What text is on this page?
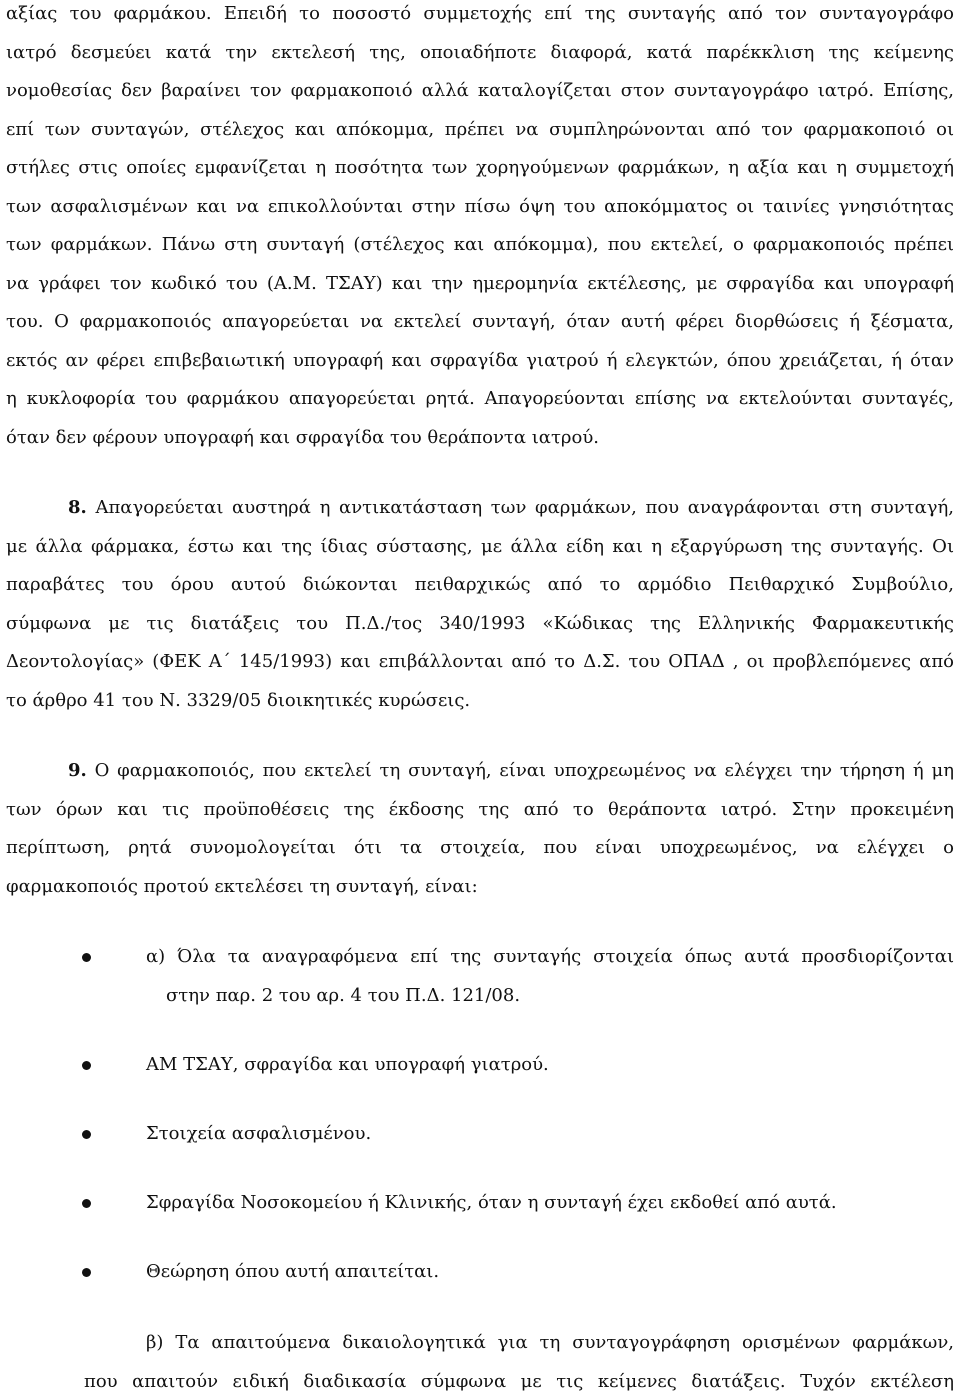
αξίας του φαρμάκου. Επειδή το ποσοστό συμμετοχής επί της συνταγής από τον συνταγογράφο
ιατρό δεσμεύει κατά την εκτελεσή της, οποιαδήποτε διαφορά, κατά παρέκκλιση της κείμενης
νομοθεσίας δεν βαραίνει τον φαρμακοποιό αλλά καταλογίζεται στον συνταγογράφο ιατρό. Επίσης,
επί των συνταγών, στέλεχος και απόκομμα, πρέπει να συμπληρώνονται από τον φαρμακοποιό οι
στήλες στις οποίες εμφανίζεται η ποσότητα των χορηγούμενων φαρμάκων, η αξία και η συμμετοχή
των ασφαλισμένων και να επικολλούνται στην πίσω όψη του αποκόμματος οι ταινίες γνησιότητας
των φαρμάκων. Πάνω στη συνταγή (στέλεχος και απόκομμα), που εκτελεί, ο φαρμακοποιός πρέπει
να γράφει τον κωδικό του (Α.Μ. ΤΣΑΥ) και την ημερομηνία εκτέλεσης, με σφραγίδα και υπογραφή
του. Ο φαρμακοποιός απαγορεύεται να εκτελεί συνταγή, όταν αυτή φέρει διορθώσεις ή ξέσματα,
εκτός αν φέρει επιβεβαιωτική υπογραφή και σφραγίδα γιατρού ή ελεγκτών, όπου χρειάζεται, ή όταν
η κυκλοφορία του φαρμάκου απαγορεύεται ρητά. Απαγορεύονται επίσης να εκτελούνται συνταγές,
όταν δεν φέρουν υπογραφή και σφραγίδα του θεράποντα ιατρού.
8. Απαγορεύεται αυστηρά η αντικατάσταση των φαρμάκων, που αναγράφονται στη συνταγή,
με άλλα φάρμακα, έστω και της ίδιας σύστασης, με άλλα είδη και η εξαργύρωση της συνταγής. Οι
παραβάτες του όρου αυτού διώκονται πειθαρχικώς από το αρμόδιο Πειθαρχικό Συμβούλιο,
σύμφωνα με τις διατάξεις του Π.Δ./τος 340/1993 «Κώδικας της Ελληνικής Φαρμακευτικής
Δεοντολογίας» (ΦΕΚ Α΄ 145/1993) και επιβάλλονται από το Δ.Σ. του ΟΠΑΔ , οι προβλεπόμενες από
το άρθρο 41 του Ν. 3329/05 διοικητικές κυρώσεις.
9. Ο φαρμακοποιός, που εκτελεί τη συνταγή, είναι υποχρεωμένος να ελέγχει την τήρηση ή μη
των όρων και τις προϋποθέσεις της έκδοσης της από το θεράποντα ιατρό. Στην προκειμένη
περίπτωση, ρητά συνομολογείται ότι τα στοιχεία, που είναι υποχρεωμένος, να ελέγχει ο
φαρμακοποιός προτού εκτελέσει τη συνταγή, είναι:
α) Όλα τα αναγραφόμενα επί της συνταγής στοιχεία όπως αυτά προσδιορίζονται
στην παρ. 2 του αρ. 4 του Π.Δ. 121/08.
ΑΜ ΤΣΑΥ, σφραγίδα και υπογραφή γιατρού.
Στοιχεία ασφαλισμένου.
Σφραγίδα Νοσοκομείου ή Κλινικής, όταν η συνταγή έχει εκδοθεί από αυτά.
Θεώρηση όπου αυτή απαιτείται.
β) Τα απαιτούμενα δικαιολογητικά για τη συνταγογράφηση ορισμένων φαρμάκων,
που απαιτούν ειδική διαδικασία σύμφωνα με τις κείμενες διατάξεις. Τυχόν εκτέλεση
